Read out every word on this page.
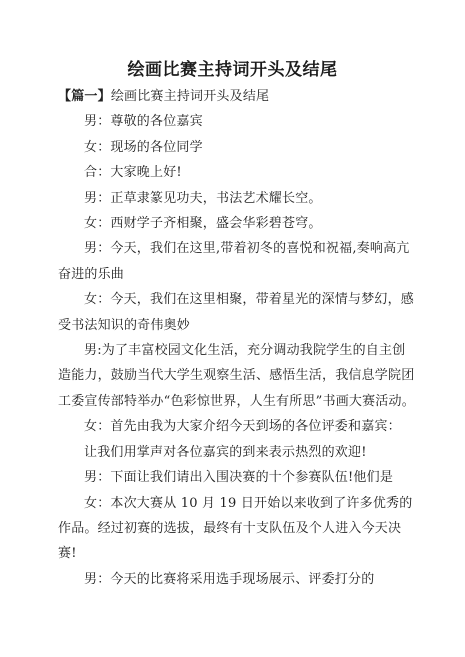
绘画比赛主持词开头及结尾

【篇一】绘画比赛主持词开头及结尾

男：尊敬的各位嘉宾

女：现场的各位同学

合：大家晚上好!

男：正草隶篆见功夫，书法艺术耀长空。

女：西财学子齐相聚，盛会华彩碧苍穹。

男：今天，我们在这里,带着初冬的喜悦和祝福,奏响高亢奋进的乐曲

女：今天，我们在这里相聚，带着星光的深情与梦幻，感受书法知识的奇伟奥妙

男:为了丰富校园文化生活，充分调动我院学生的自主创造能力，鼓励当代大学生观察生活、感悟生活，我信息学院团工委宣传部特举办“色彩惊世界，人生有所思”书画大赛活动。

女：首先由我为大家介绍今天到场的各位评委和嘉宾：

让我们用掌声对各位嘉宾的到来表示热烈的欢迎!

男：下面让我们请出入围决赛的十个参赛队伍!他们是

女：本次大赛从 10 月 19 日开始以来收到了许多优秀的作品。经过初赛的选拔，最终有十支队伍及个人进入今天决赛!

男：今天的比赛将采用选手现场展示、评委打分的
